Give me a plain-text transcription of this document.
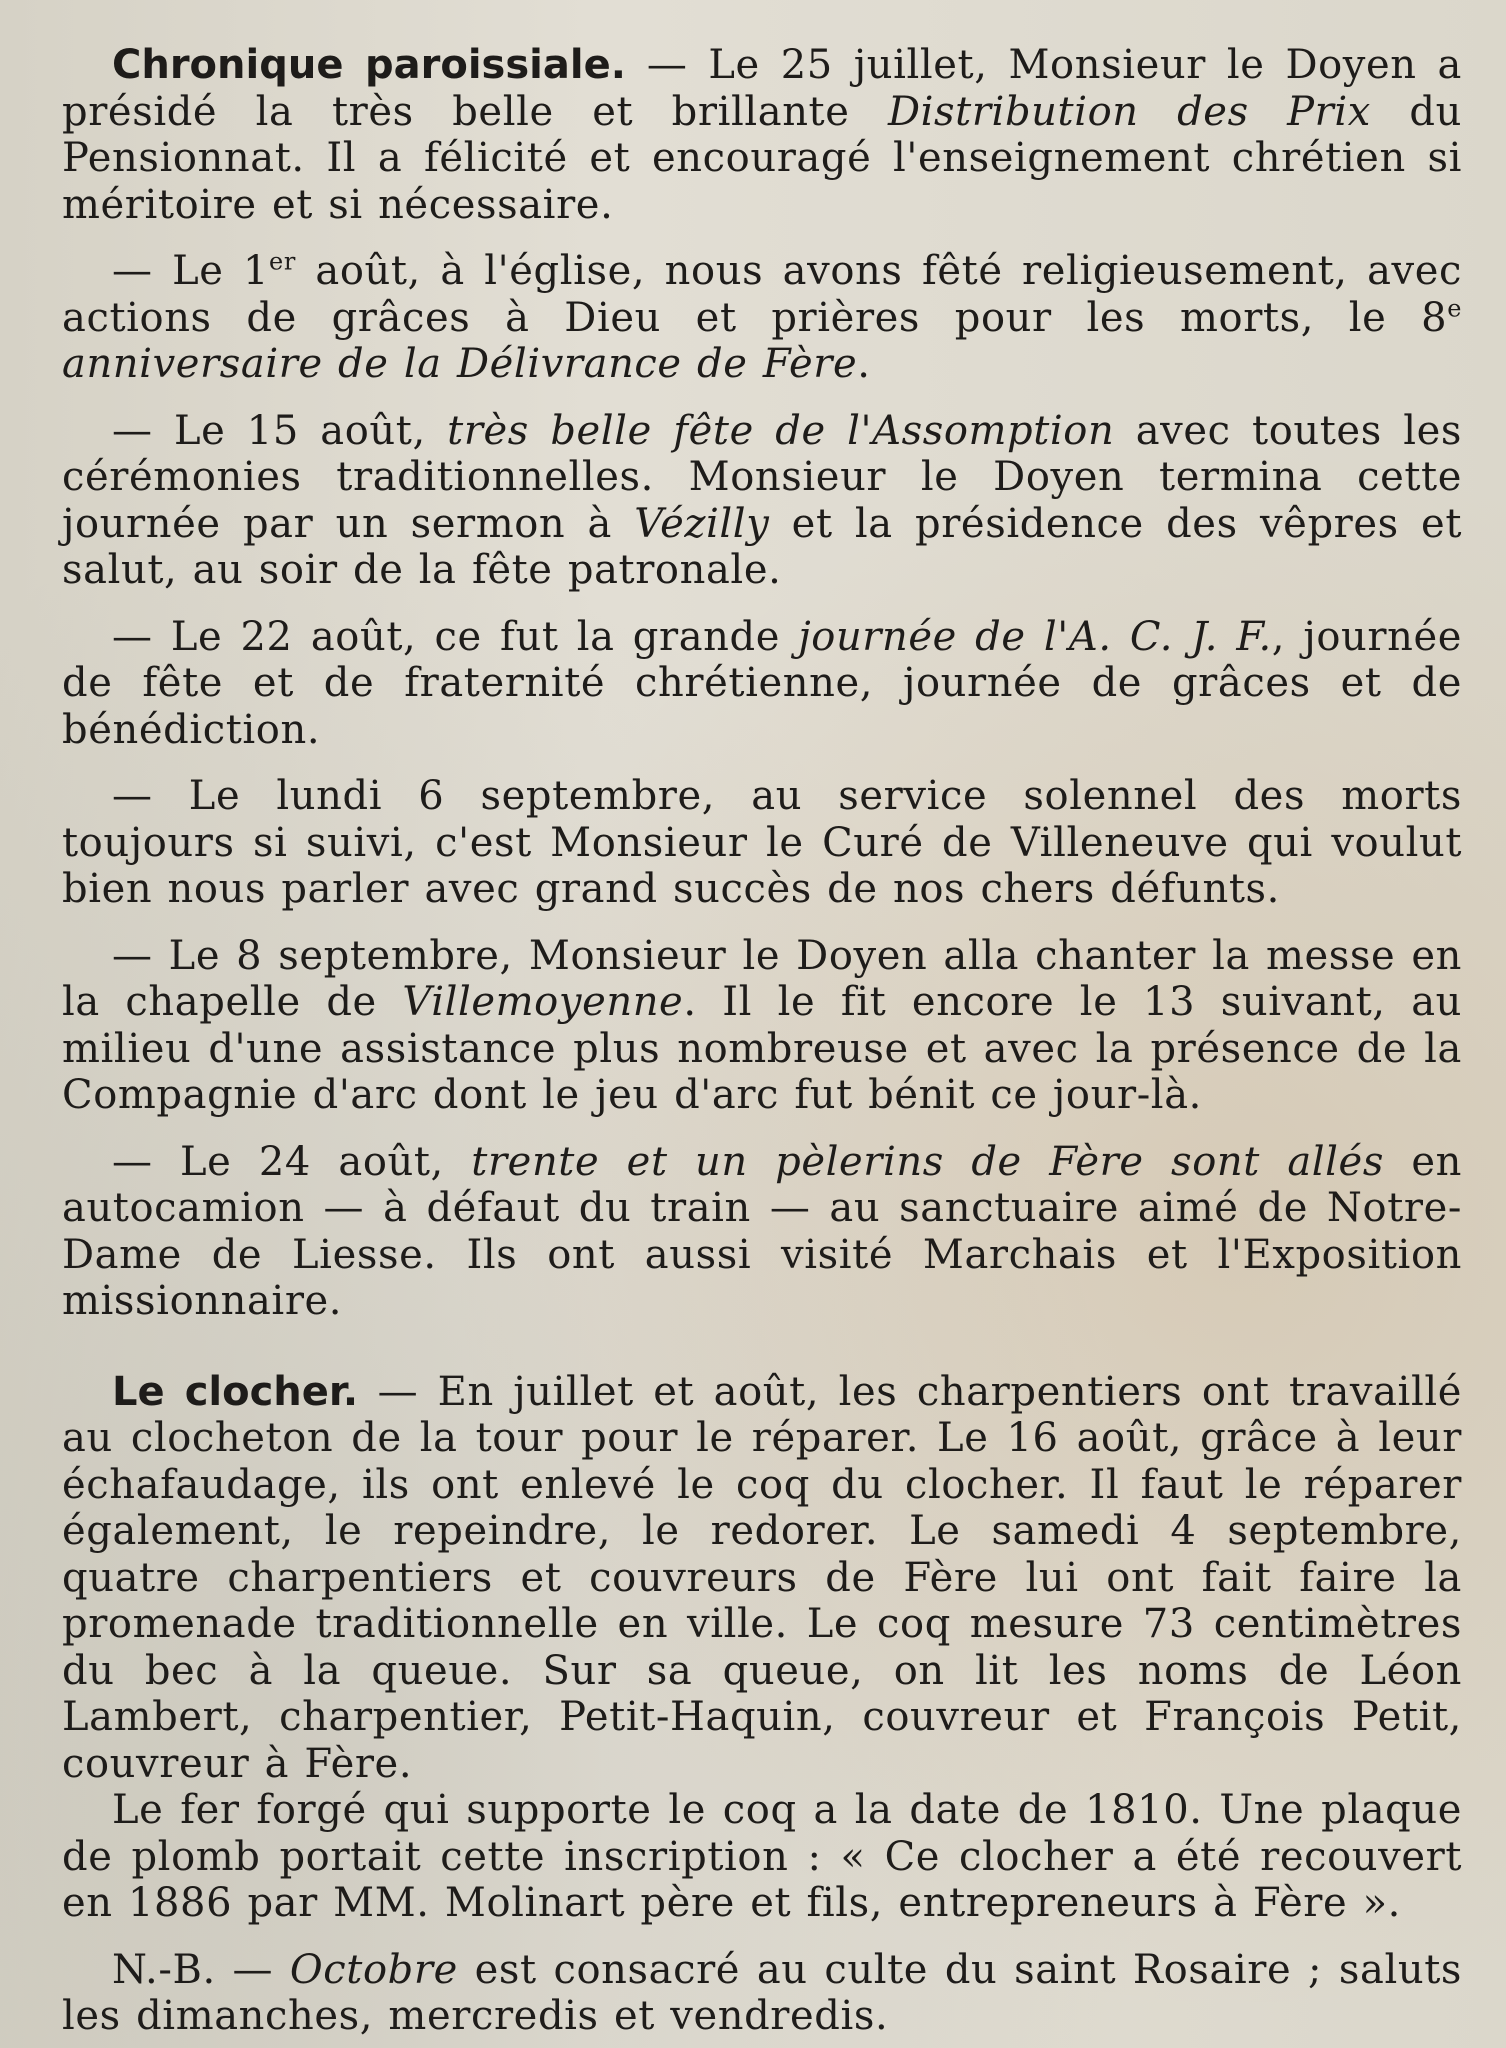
Chronique paroissiale. — Le 25 juillet, Monsieur le Doyen a présidé la très belle et brillante Distribution des Prix du Pensionnat. Il a félicité et encouragé l'enseignement chrétien si méritoire et si nécessaire.

— Le 1er août, à l'église, nous avons fêté religieusement, avec actions de grâces à Dieu et prières pour les morts, le 8e anniversaire de la Délivrance de Fère.

— Le 15 août, très belle fête de l'Assomption avec toutes les cérémonies traditionnelles. Monsieur le Doyen termina cette journée par un sermon à Vézilly et la présidence des vêpres et salut, au soir de la fête patronale.

— Le 22 août, ce fut la grande journée de l'A. C. J. F., journée de fête et de fraternité chrétienne, journée de grâces et de bénédiction.

— Le lundi 6 septembre, au service solennel des morts toujours si suivi, c'est Monsieur le Curé de Villeneuve qui voulut bien nous parler avec grand succès de nos chers défunts.

— Le 8 septembre, Monsieur le Doyen alla chanter la messe en la chapelle de Villemoyenne. Il le fit encore le 13 suivant, au milieu d'une assistance plus nombreuse et avec la présence de la Compagnie d'arc dont le jeu d'arc fut bénit ce jour-là.

— Le 24 août, trente et un pèlerins de Fère sont allés en autocamion — à défaut du train — au sanctuaire aimé de Notre-Dame de Liesse. Ils ont aussi visité Marchais et l'Exposition missionnaire.

Le clocher. — En juillet et août, les charpentiers ont travaillé au clocheton de la tour pour le réparer. Le 16 août, grâce à leur échafaudage, ils ont enlevé le coq du clocher. Il faut le réparer également, le repeindre, le redorer. Le samedi 4 septembre, quatre charpentiers et couvreurs de Fère lui ont fait faire la promenade traditionnelle en ville. Le coq mesure 73 centimètres du bec à la queue. Sur sa queue, on lit les noms de Léon Lambert, charpentier, Petit-Haquin, couvreur et François Petit, couvreur à Fère.

Le fer forgé qui supporte le coq a la date de 1810. Une plaque de plomb portait cette inscription : « Ce clocher a été recouvert en 1886 par MM. Molinart père et fils, entrepreneurs à Fère ».

N.-B. — Octobre est consacré au culte du saint Rosaire ; saluts les dimanches, mercredis et vendredis.
